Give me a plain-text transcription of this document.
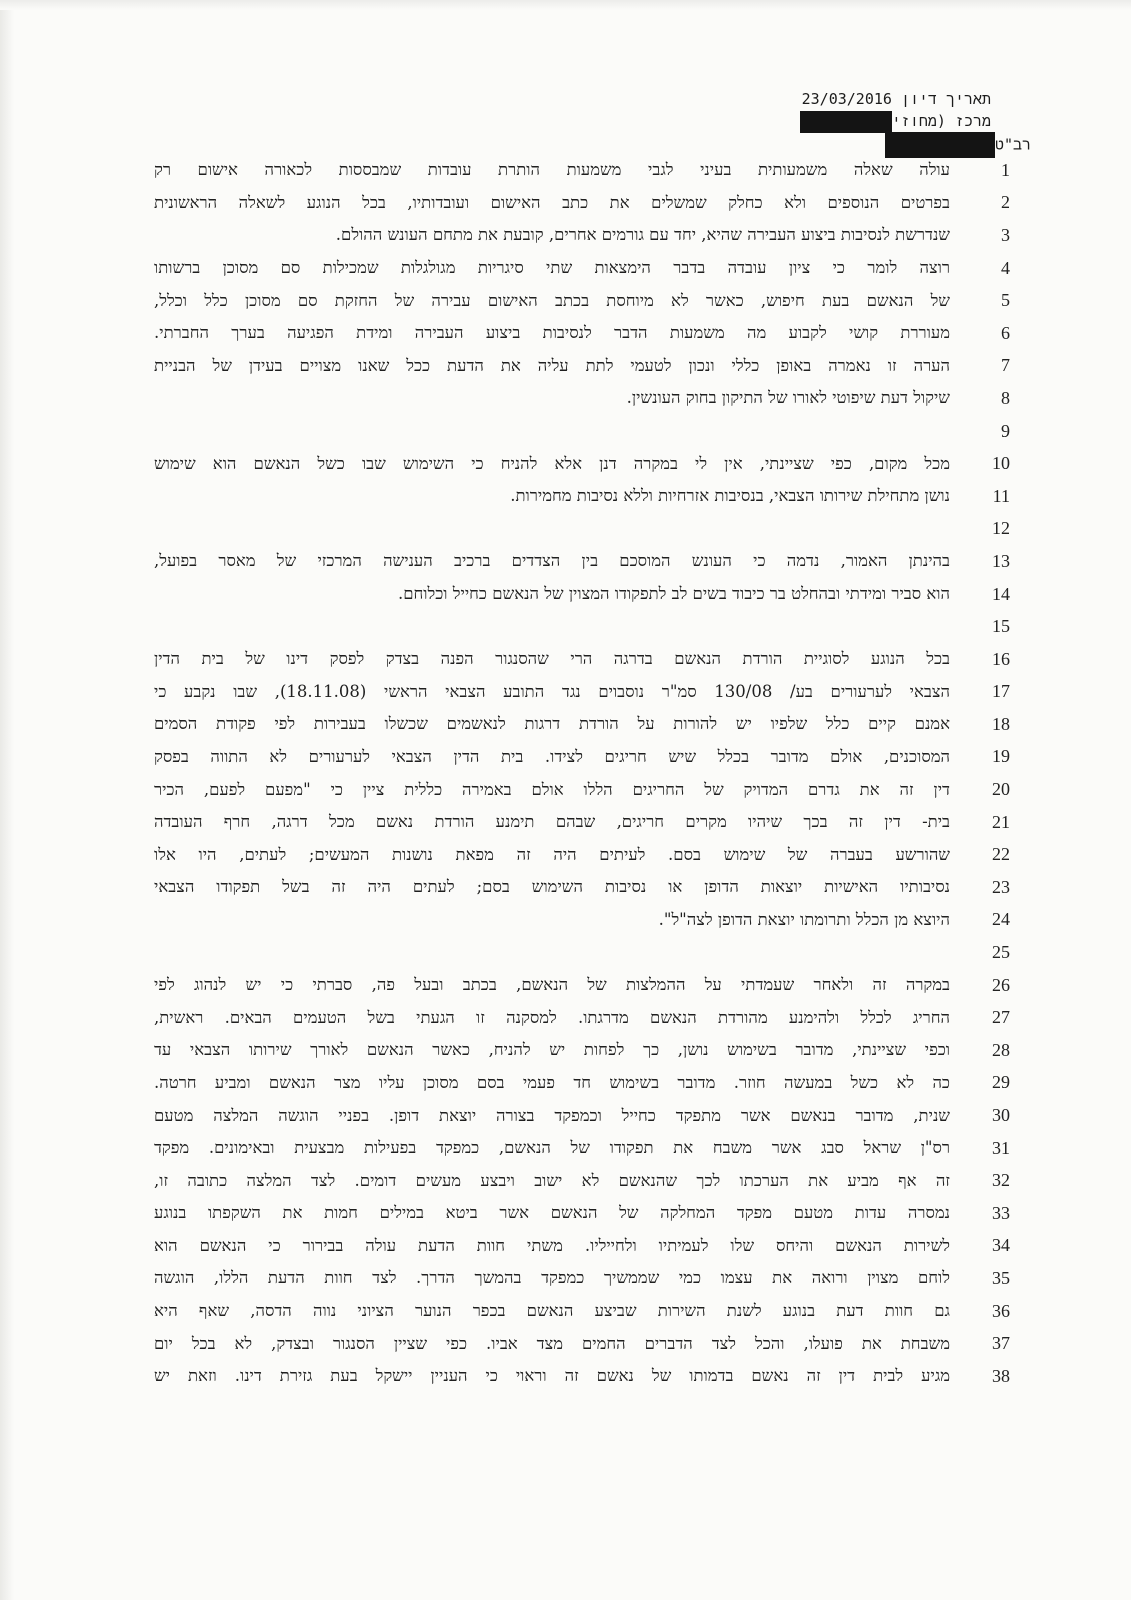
תאריך דיון 23/03/2016
מרכז (מחוזי
רב"ט
עולה שאלה משמעותית בעיני לגבי משמעות הותרת עובדות שמבססות לכאורה אישום רק	1
בפרטים הנוספים ולא כחלק שמשלים את כתב האישום ועובדותיו, בכל הנוגע לשאלה הראשונית	2
שנדרשת לנסיבות ביצוע העבירה שהיא, יחד עם גורמים אחרים, קובעת את מתחם העונש ההולם.	3
רוצה לומר כי ציון עובדה בדבר הימצאות שתי סיגריות מגולגלות שמכילות סם מסוכן ברשותו	4
של הנאשם בעת חיפוש, כאשר לא מיוחסת בכתב האישום עבירה של החזקת סם מסוכן כלל וכלל,	5
מעוררת קושי לקבוע מה משמעות הדבר לנסיבות ביצוע העבירה ומידת הפגיעה בערך החברתי.	6
הערה זו נאמרה באופן כללי ונכון לטעמי לתת עליה את הדעת ככל שאנו מצויים בעידן של הבניית	7
שיקול דעת שיפוטי לאורו של התיקון בחוק העונשין.	8
9
מכל מקום, כפי שציינתי, אין לי במקרה דנן אלא להניח כי השימוש שבו כשל הנאשם הוא שימוש	10
נושן מתחילת שירותו הצבאי, בנסיבות אזרחיות וללא נסיבות מחמירות.	11
12
בהינתן האמור, נדמה כי העונש המוסכם בין הצדדים ברכיב הענישה המרכזי של מאסר בפועל,	13
הוא סביר ומידתי ובהחלט בר כיבוד בשים לב לתפקודו המצוין של הנאשם כחייל וכלוחם.	14
15
בכל הנוגע לסוגיית הורדת הנאשם בדרגה הרי שהסנגור הפנה בצדק לפסק דינו של בית הדין	16
הצבאי לערעורים בע/ 130/08 סמ"ר נוסבוים נגד התובע הצבאי הראשי (18.11.08), שבו נקבע כי	17
אמנם קיים כלל שלפיו יש להורות על הורדת דרגות לנאשמים שכשלו בעבירות לפי פקודת הסמים	18
המסוכנים, אולם מדובר בכלל שיש חריגים לצידו. בית הדין הצבאי לערעורים לא התווה בפסק	19
דין זה את גדרם המדויק של החריגים הללו אולם באמירה כללית ציין כי "מפעם לפעם, הכיר	20
בית- דין זה בכך שיהיו מקרים חריגים, שבהם תימנע הורדת נאשם מכל דרגה, חרף העובדה	21
שהורשע בעברה של שימוש בסם. לעיתים היה זה מפאת נושנות המעשים; לעתים, היו אלו	22
נסיבותיו האישיות יוצאות הדופן או נסיבות השימוש בסם; לעתים היה זה בשל תפקודו הצבאי	23
היוצא מן הכלל ותרומתו יוצאת הדופן לצה"ל".	24
25
במקרה זה ולאחר שעמדתי על ההמלצות של הנאשם, בכתב ובעל פה, סברתי כי יש לנהוג לפי	26
החריג לכלל ולהימנע מהורדת הנאשם מדרגתו. למסקנה זו הגעתי בשל הטעמים הבאים. ראשית,	27
וכפי שציינתי, מדובר בשימוש נושן, כך לפחות יש להניח, כאשר הנאשם לאורך שירותו הצבאי עד	28
כה לא כשל במעשה חוזר. מדובר בשימוש חד פעמי בסם מסוכן עליו מצר הנאשם ומביע חרטה.	29
שנית, מדובר בנאשם אשר מתפקד כחייל וכמפקד בצורה יוצאת דופן. בפניי הוגשה המלצה מטעם	30
רס"ן שראל סבג אשר משבח את תפקודו של הנאשם, כמפקד בפעילות מבצעית ובאימונים. מפקד	31
זה אף מביע את הערכתו לכך שהנאשם לא ישוב ויבצע מעשים דומים. לצד המלצה כתובה זו,	32
נמסרה עדות מטעם מפקד המחלקה של הנאשם אשר ביטא במילים חמות את השקפתו בנוגע	33
לשירות הנאשם והיחס שלו לעמיתיו ולחייליו. משתי חוות הדעת עולה בבירור כי הנאשם הוא	34
לוחם מצוין ורואה את עצמו כמי שממשיך כמפקד בהמשך הדרך. לצד חוות הדעת הללו, הוגשה	35
גם חוות דעת בנוגע לשנת השירות שביצע הנאשם בכפר הנוער הציוני נווה הדסה, שאף היא	36
משבחת את פועלו, והכל לצד הדברים החמים מצד אביו. כפי שציין הסנגור ובצדק, לא בכל יום	37
מגיע לבית דין זה נאשם בדמותו של נאשם זה וראוי כי העניין יישקל בעת גזירת דינו. וזאת יש	38
